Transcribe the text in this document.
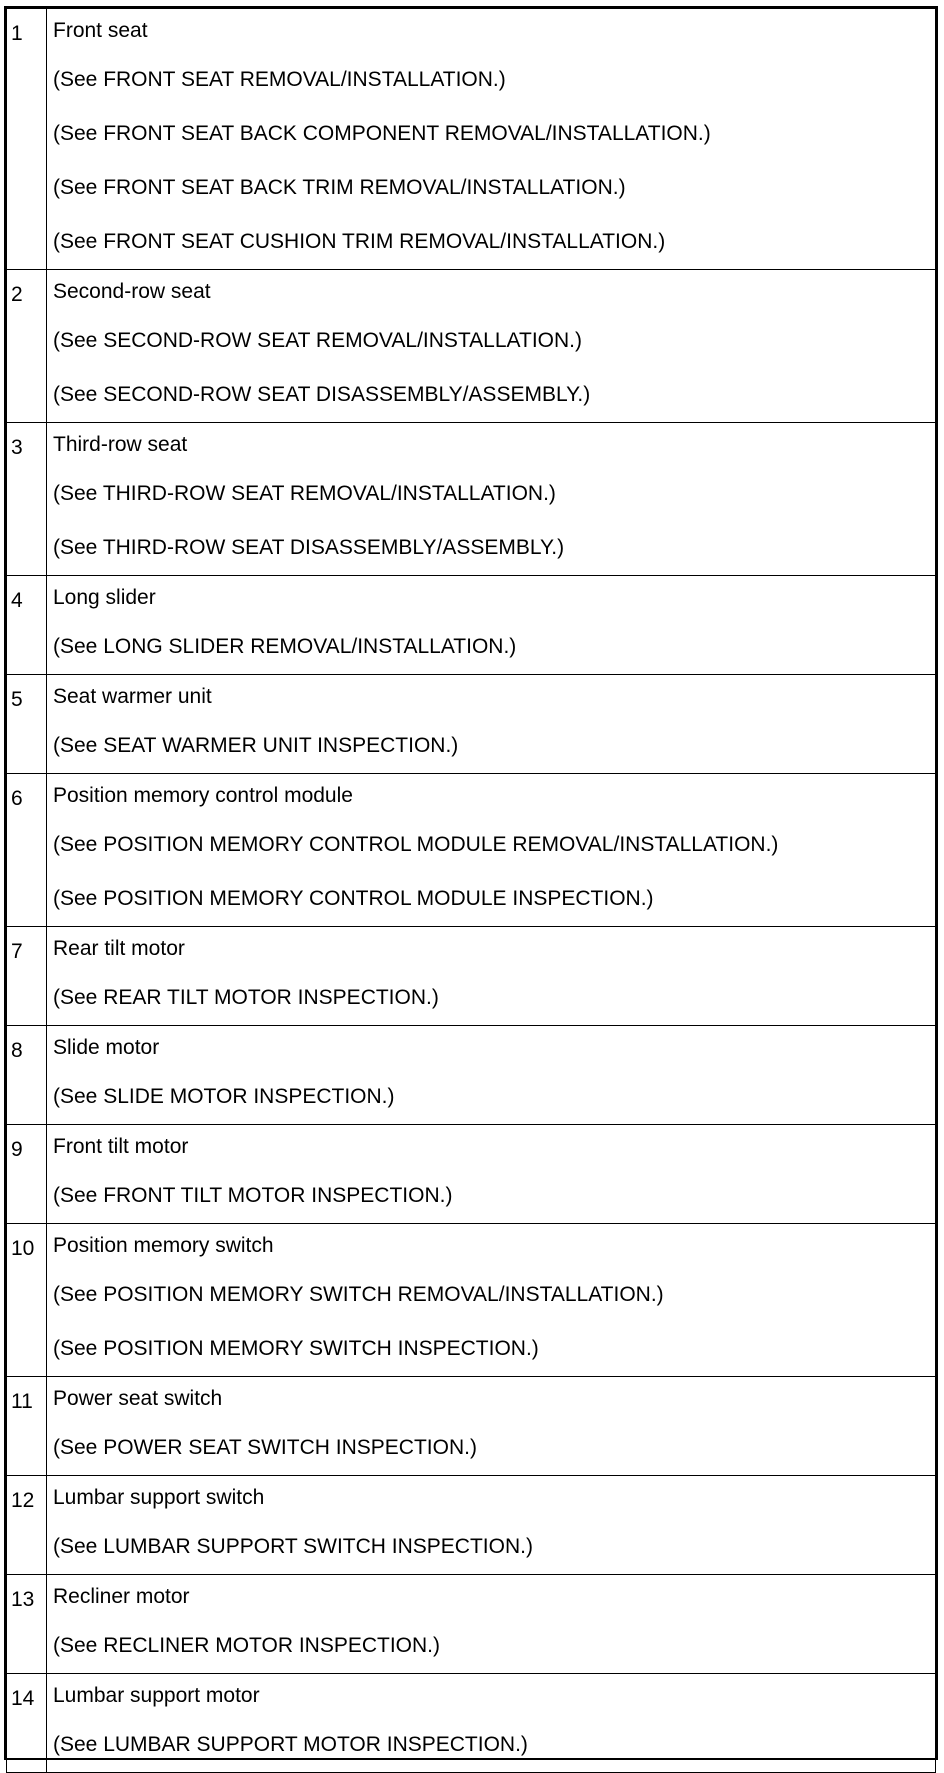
1	Front seat
(See FRONT SEAT REMOVAL/INSTALLATION.)
(See FRONT SEAT BACK COMPONENT REMOVAL/INSTALLATION.)
(See FRONT SEAT BACK TRIM REMOVAL/INSTALLATION.)
(See FRONT SEAT CUSHION TRIM REMOVAL/INSTALLATION.)

2	Second-row seat
(See SECOND-ROW SEAT REMOVAL/INSTALLATION.)
(See SECOND-ROW SEAT DISASSEMBLY/ASSEMBLY.)

3	Third-row seat
(See THIRD-ROW SEAT REMOVAL/INSTALLATION.)
(See THIRD-ROW SEAT DISASSEMBLY/ASSEMBLY.)

4	Long slider
(See LONG SLIDER REMOVAL/INSTALLATION.)

5	Seat warmer unit
(See SEAT WARMER UNIT INSPECTION.)

6	Position memory control module
(See POSITION MEMORY CONTROL MODULE REMOVAL/INSTALLATION.)
(See POSITION MEMORY CONTROL MODULE INSPECTION.)

7	Rear tilt motor
(See REAR TILT MOTOR INSPECTION.)

8	Slide motor
(See SLIDE MOTOR INSPECTION.)

9	Front tilt motor
(See FRONT TILT MOTOR INSPECTION.)

10	Position memory switch
(See POSITION MEMORY SWITCH REMOVAL/INSTALLATION.)
(See POSITION MEMORY SWITCH INSPECTION.)

11	Power seat switch
(See POWER SEAT SWITCH INSPECTION.)

12	Lumbar support switch
(See LUMBAR SUPPORT SWITCH INSPECTION.)

13	Recliner motor
(See RECLINER MOTOR INSPECTION.)

14	Lumbar support motor
(See LUMBAR SUPPORT MOTOR INSPECTION.)
